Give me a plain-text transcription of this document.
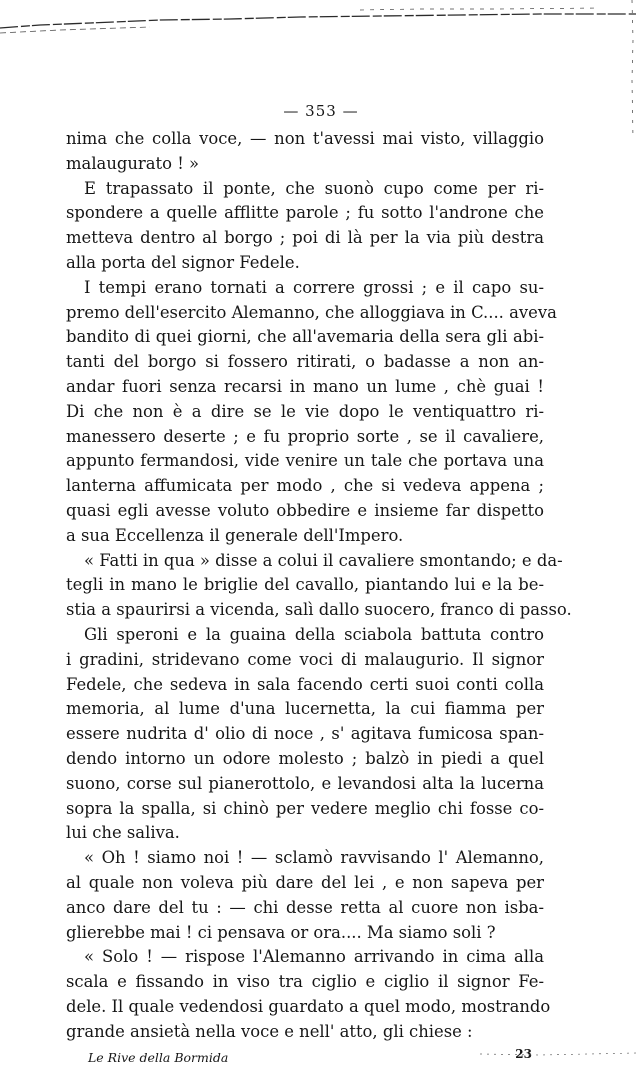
— 353 —
nima che colla voce, — non t'avessi mai visto, villaggio
malaugurato ! »
E trapassato il ponte, che suonò cupo come per ri-
spondere a quelle afflitte parole ; fu sotto l'androne che
metteva dentro al borgo ; poi di là per la via più destra
alla porta del signor Fedele.
I tempi erano tornati a correre grossi ; e il capo su-
premo dell'esercito Alemanno, che alloggiava in C.... aveva
bandito di quei giorni, che all'avemaria della sera gli abi-
tanti del borgo si fossero ritirati, o badasse a non an-
andar fuori senza recarsi in mano un lume , chè guai !
Di che non è a dire se le vie dopo le ventiquattro ri-
manessero deserte ; e fu proprio sorte , se il cavaliere,
appunto fermandosi, vide venire un tale che portava una
lanterna affumicata per modo , che si vedeva appena ;
quasi egli avesse voluto obbedire e insieme far dispetto
a sua Eccellenza il generale dell'Impero.
« Fatti in qua » disse a colui il cavaliere smontando; e da-
tegli in mano le briglie del cavallo, piantando lui e la be-
stia a spaurirsi a vicenda, salì dallo suocero, franco di passo.
Gli speroni e la guaina della sciabola battuta contro
i gradini, stridevano come voci di malaugurio. Il signor
Fedele, che sedeva in sala facendo certi suoi conti colla
memoria, al lume d'una lucernetta, la cui fiamma per
essere nudrita d' olio di noce , s' agitava fumicosa span-
dendo intorno un odore molesto ; balzò in piedi a quel
suono, corse sul pianerottolo, e levandosi alta la lucerna
sopra la spalla, si chinò per vedere meglio chi fosse co-
lui che saliva.
« Oh ! siamo noi ! — sclamò ravvisando l' Alemanno,
al quale non voleva più dare del lei , e non sapeva per
anco dare del tu : — chi desse retta al cuore non isba-
glierebbe mai ! ci pensava or ora.... Ma siamo soli ?
« Solo ! — rispose l'Alemanno arrivando in cima alla
scala e fissando in viso tra ciglio e ciglio il signor Fe-
dele. Il quale vedendosi guardato a quel modo, mostrando
grande ansietà nella voce e nell' atto, gli chiese :
Le Rive della Bormida	23
